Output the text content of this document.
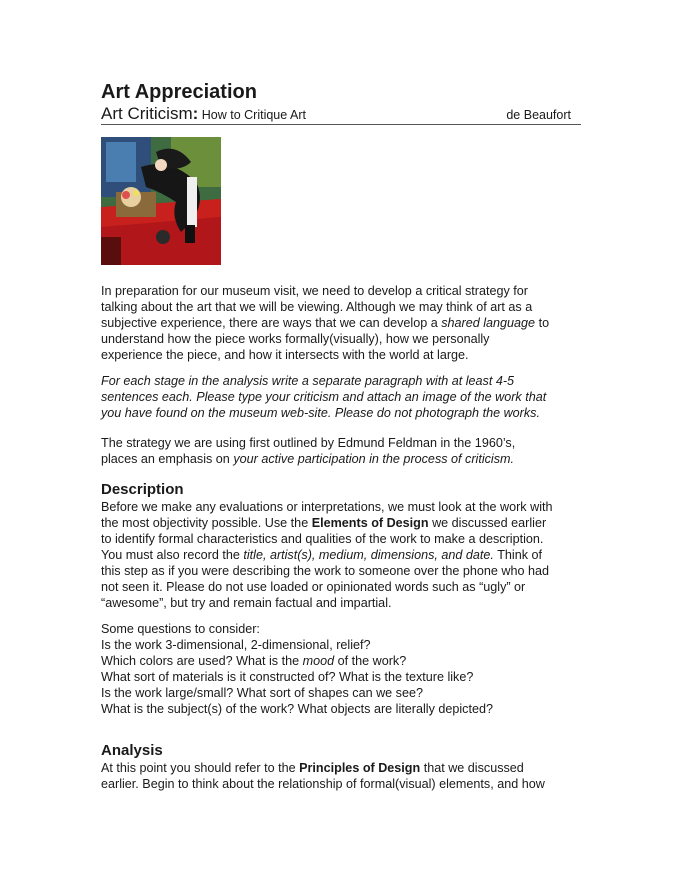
Art Appreciation
Art Criticism: How to Critique Art	de Beaufort

In preparation for our museum visit, we need to develop a critical strategy for
talking about the art that we will be viewing. Although we may think of art as a
subjective experience, there are ways that we can develop a shared language to
understand how the piece works formally(visually), how we personally
experience the piece, and how it intersects with the world at large.

For each stage in the analysis write a separate paragraph with at least 4-5
sentences each. Please type your criticism and attach an image of the work that
you have found on the museum web-site. Please do not photograph the works.

The strategy we are using first outlined by Edmund Feldman in the 1960’s,
places an emphasis on your active participation in the process of criticism.

Description

Before we make any evaluations or interpretations, we must look at the work with
the most objectivity possible. Use the Elements of Design we discussed earlier
to identify formal characteristics and qualities of the work to make a description.
You must also record the title, artist(s), medium, dimensions, and date. Think of
this step as if you were describing the work to someone over the phone who had
not seen it. Please do not use loaded or opinionated words such as “ugly” or
“awesome”, but try and remain factual and impartial.

Some questions to consider:
Is the work 3-dimensional, 2-dimensional, relief?
Which colors are used? What is the mood of the work?
What sort of materials is it constructed of? What is the texture like?
Is the work large/small? What sort of shapes can we see?
What is the subject(s) of the work? What objects are literally depicted?

Analysis

At this point you should refer to the Principles of Design that we discussed
earlier. Begin to think about the relationship of formal(visual) elements, and how
